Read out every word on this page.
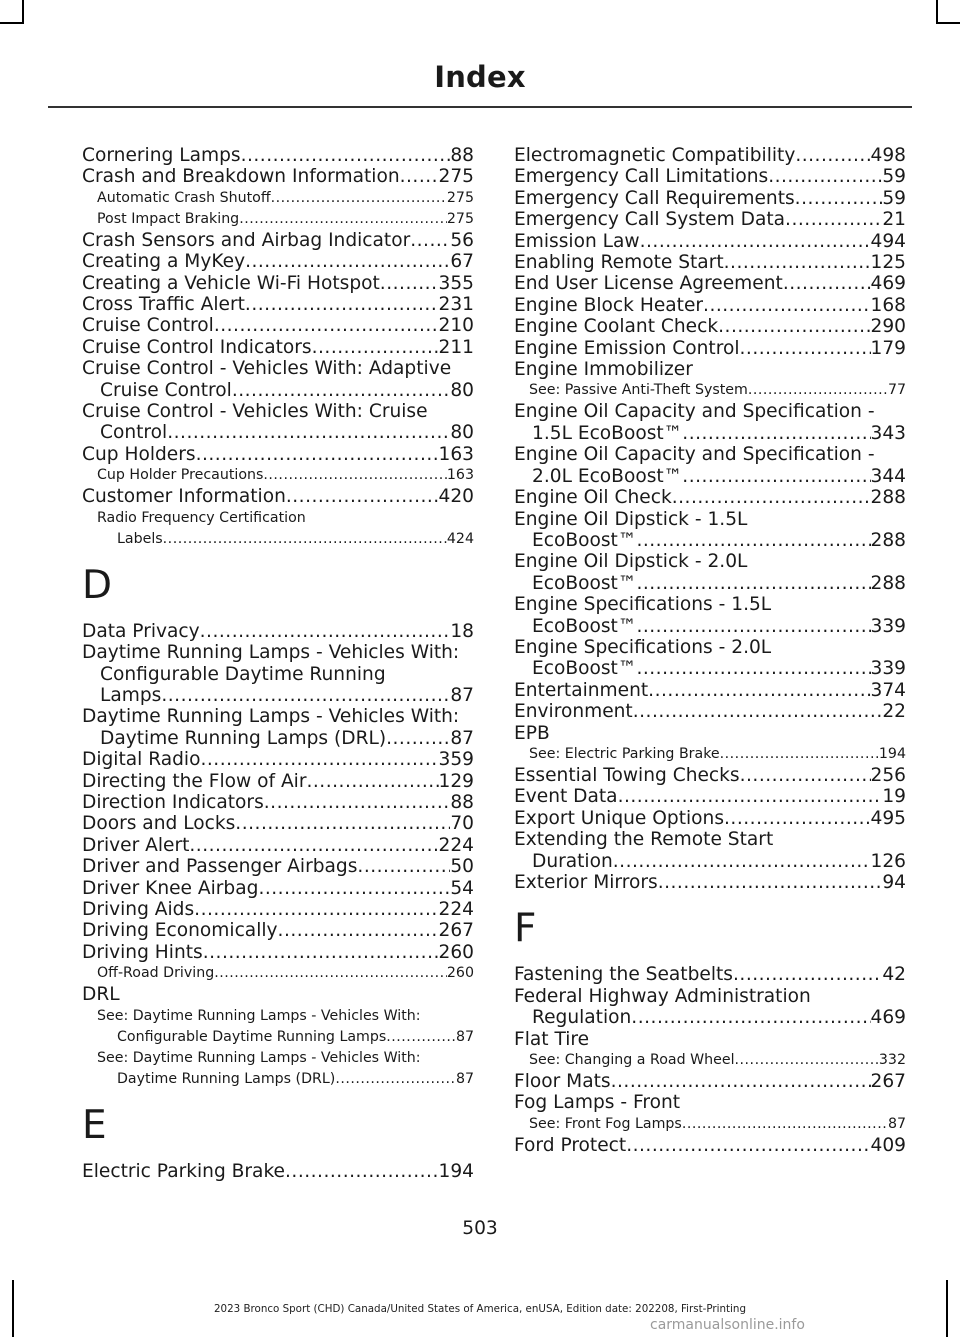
Index
Cornering Lamps .....	88
Crash and Breakdown Information ..... 275
Automatic Crash Shutoff .....	275
Post Impact Braking .....	275
Crash Sensors and Airbag Indicator ..... 56
Creating a MyKey .....	67
Creating a Vehicle Wi-Fi Hotspot .....	355
Cross Traffic Alert .....	231
Cruise Control .....	210
Cruise Control Indicators .....	211
Cruise Control - Vehicles With: Adaptive
Cruise Control .....	80
Cruise Control - Vehicles With: Cruise
Control .....	80
Cup Holders .....	163
Cup Holder Precautions .....	163
Customer Information .....	420
Radio Frequency Certification
Labels .....	424
D
Data Privacy .....	18
Daytime Running Lamps - Vehicles With:
Configurable Daytime Running
Lamps .....	87
Daytime Running Lamps - Vehicles With:
Daytime Running Lamps (DRL) .....	87
Digital Radio .....	359
Directing the Flow of Air .....	129
Direction Indicators .....	88
Doors and Locks .....	70
Driver Alert .....	224
Driver and Passenger Airbags .....	50
Driver Knee Airbag .....	54
Driving Aids .....	224
Driving Economically .....	267
Driving Hints .....	260
Off-Road Driving .....	260
DRL
See: Daytime Running Lamps - Vehicles With:
Configurable Daytime Running Lamps .....	87
See: Daytime Running Lamps - Vehicles With:
Daytime Running Lamps (DRL) .....	87
E
Electric Parking Brake .....	194
Electromagnetic Compatibility .....	498
Emergency Call Limitations .....	59
Emergency Call Requirements .....	59
Emergency Call System Data .....	21
Emission Law .....	494
Enabling Remote Start .....	125
End User License Agreement .....	469
Engine Block Heater .....	168
Engine Coolant Check .....	290
Engine Emission Control .....	179
Engine Immobilizer
See: Passive Anti-Theft System .....	77
Engine Oil Capacity and Specification -
1.5L EcoBoost™ .....	343
Engine Oil Capacity and Specification -
2.0L EcoBoost™ .....	344
Engine Oil Check .....	288
Engine Oil Dipstick - 1.5L
EcoBoost™ .....	288
Engine Oil Dipstick - 2.0L
EcoBoost™ .....	288
Engine Specifications - 1.5L
EcoBoost™ .....	339
Engine Specifications - 2.0L
EcoBoost™ .....	339
Entertainment .....	374
Environment .....	22
EPB
See: Electric Parking Brake .....	194
Essential Towing Checks .....	256
Event Data .....	19
Export Unique Options .....	495
Extending the Remote Start
Duration .....	126
Exterior Mirrors .....	94
F
Fastening the Seatbelts .....	42
Federal Highway Administration
Regulation .....	469
Flat Tire
See: Changing a Road Wheel .....	332
Floor Mats .....	267
Fog Lamps - Front
See: Front Fog Lamps .....	87
Ford Protect .....	409
503
2023 Bronco Sport (CHD) Canada/United States of America, enUSA, Edition date: 202208, First-Printing
carmanualsonline.info
